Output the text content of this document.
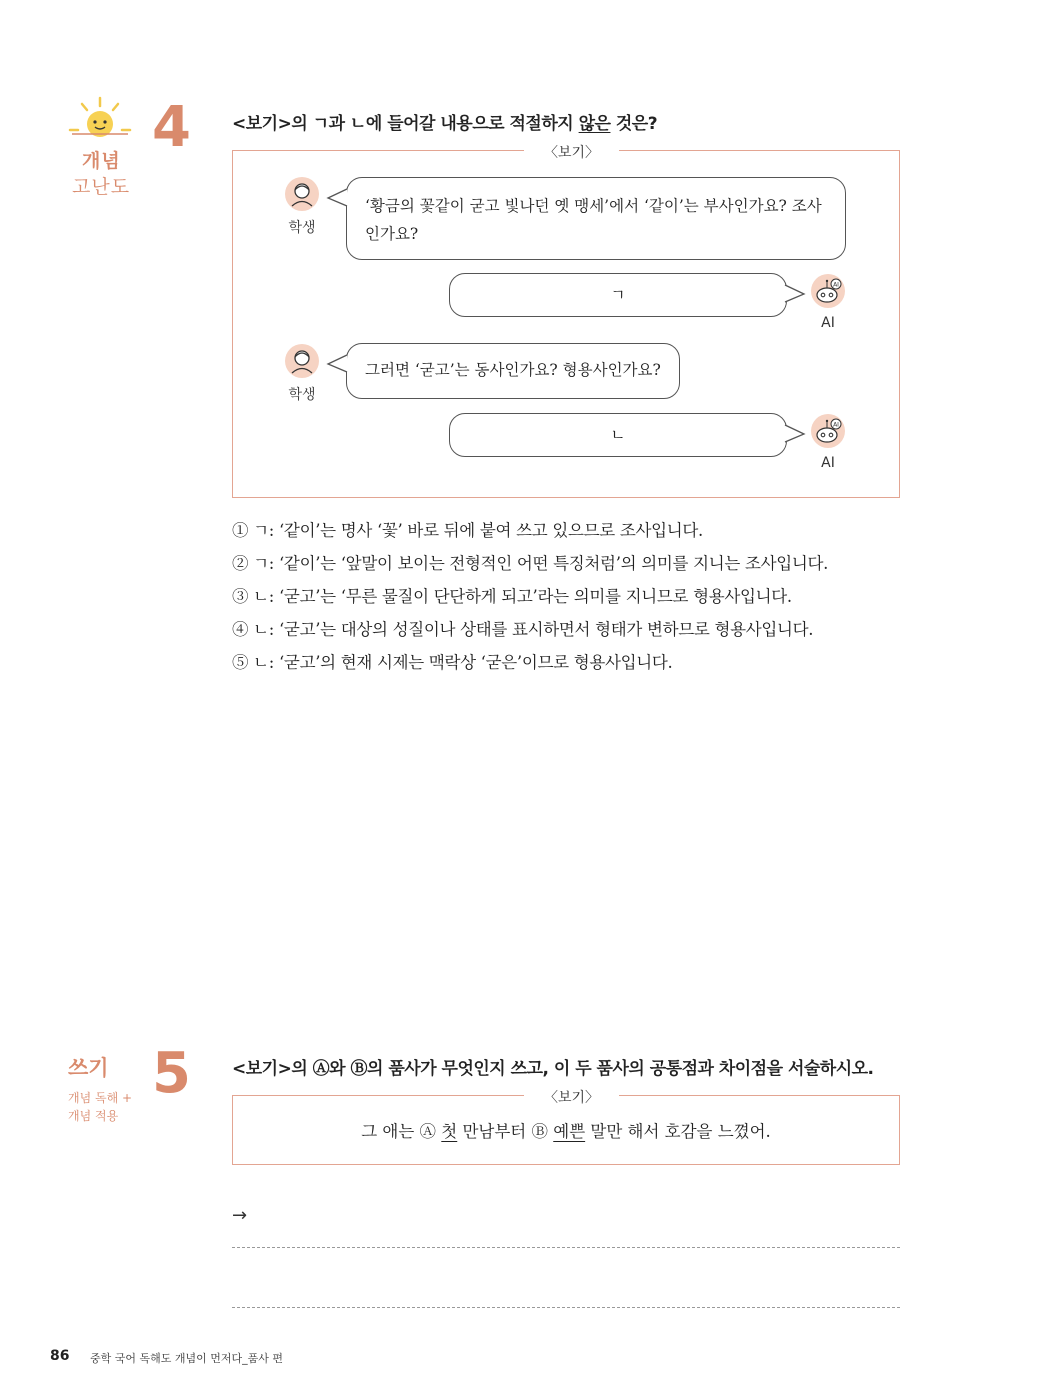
개념
고난도
4 <보기>의 ㄱ과 ㄴ에 들어갈 내용으로 적절하지 않은 것은?
〈보기〉
학생
‘황금의 꽃같이 굳고 빛나던 옛 맹세’에서 ‘같이’는 부사인가요? 조사인가요?
ㄱ
AI
AI
학생
그러면 ‘굳고’는 동사인가요? 형용사인가요?
ㄴ
AI
AI
① ㄱ: ‘같이’는 명사 ‘꽃’ 바로 뒤에 붙여 쓰고 있으므로 조사입니다.
② ㄱ: ‘같이’는 ‘앞말이 보이는 전형적인 어떤 특징처럼’의 의미를 지니는 조사입니다.
③ ㄴ: ‘굳고’는 ‘무른 물질이 단단하게 되고’라는 의미를 지니므로 형용사입니다.
④ ㄴ: ‘굳고’는 대상의 성질이나 상태를 표시하면서 형태가 변하므로 형용사입니다.
⑤ ㄴ: ‘굳고’의 현재 시제는 맥락상 ‘굳은’이므로 형용사입니다.
쓰기
개념 독해 +
개념 적용
5 <보기>의 Ⓐ와 Ⓑ의 품사가 무엇인지 쓰고, 이 두 품사의 공통점과 차이점을 서술하시오.
〈보기〉
그 애는 Ⓐ 첫 만남부터 Ⓑ 예쁜 말만 해서 호감을 느꼈어.
→
86 중학 국어 독해도 개념이 먼저다_품사 편
